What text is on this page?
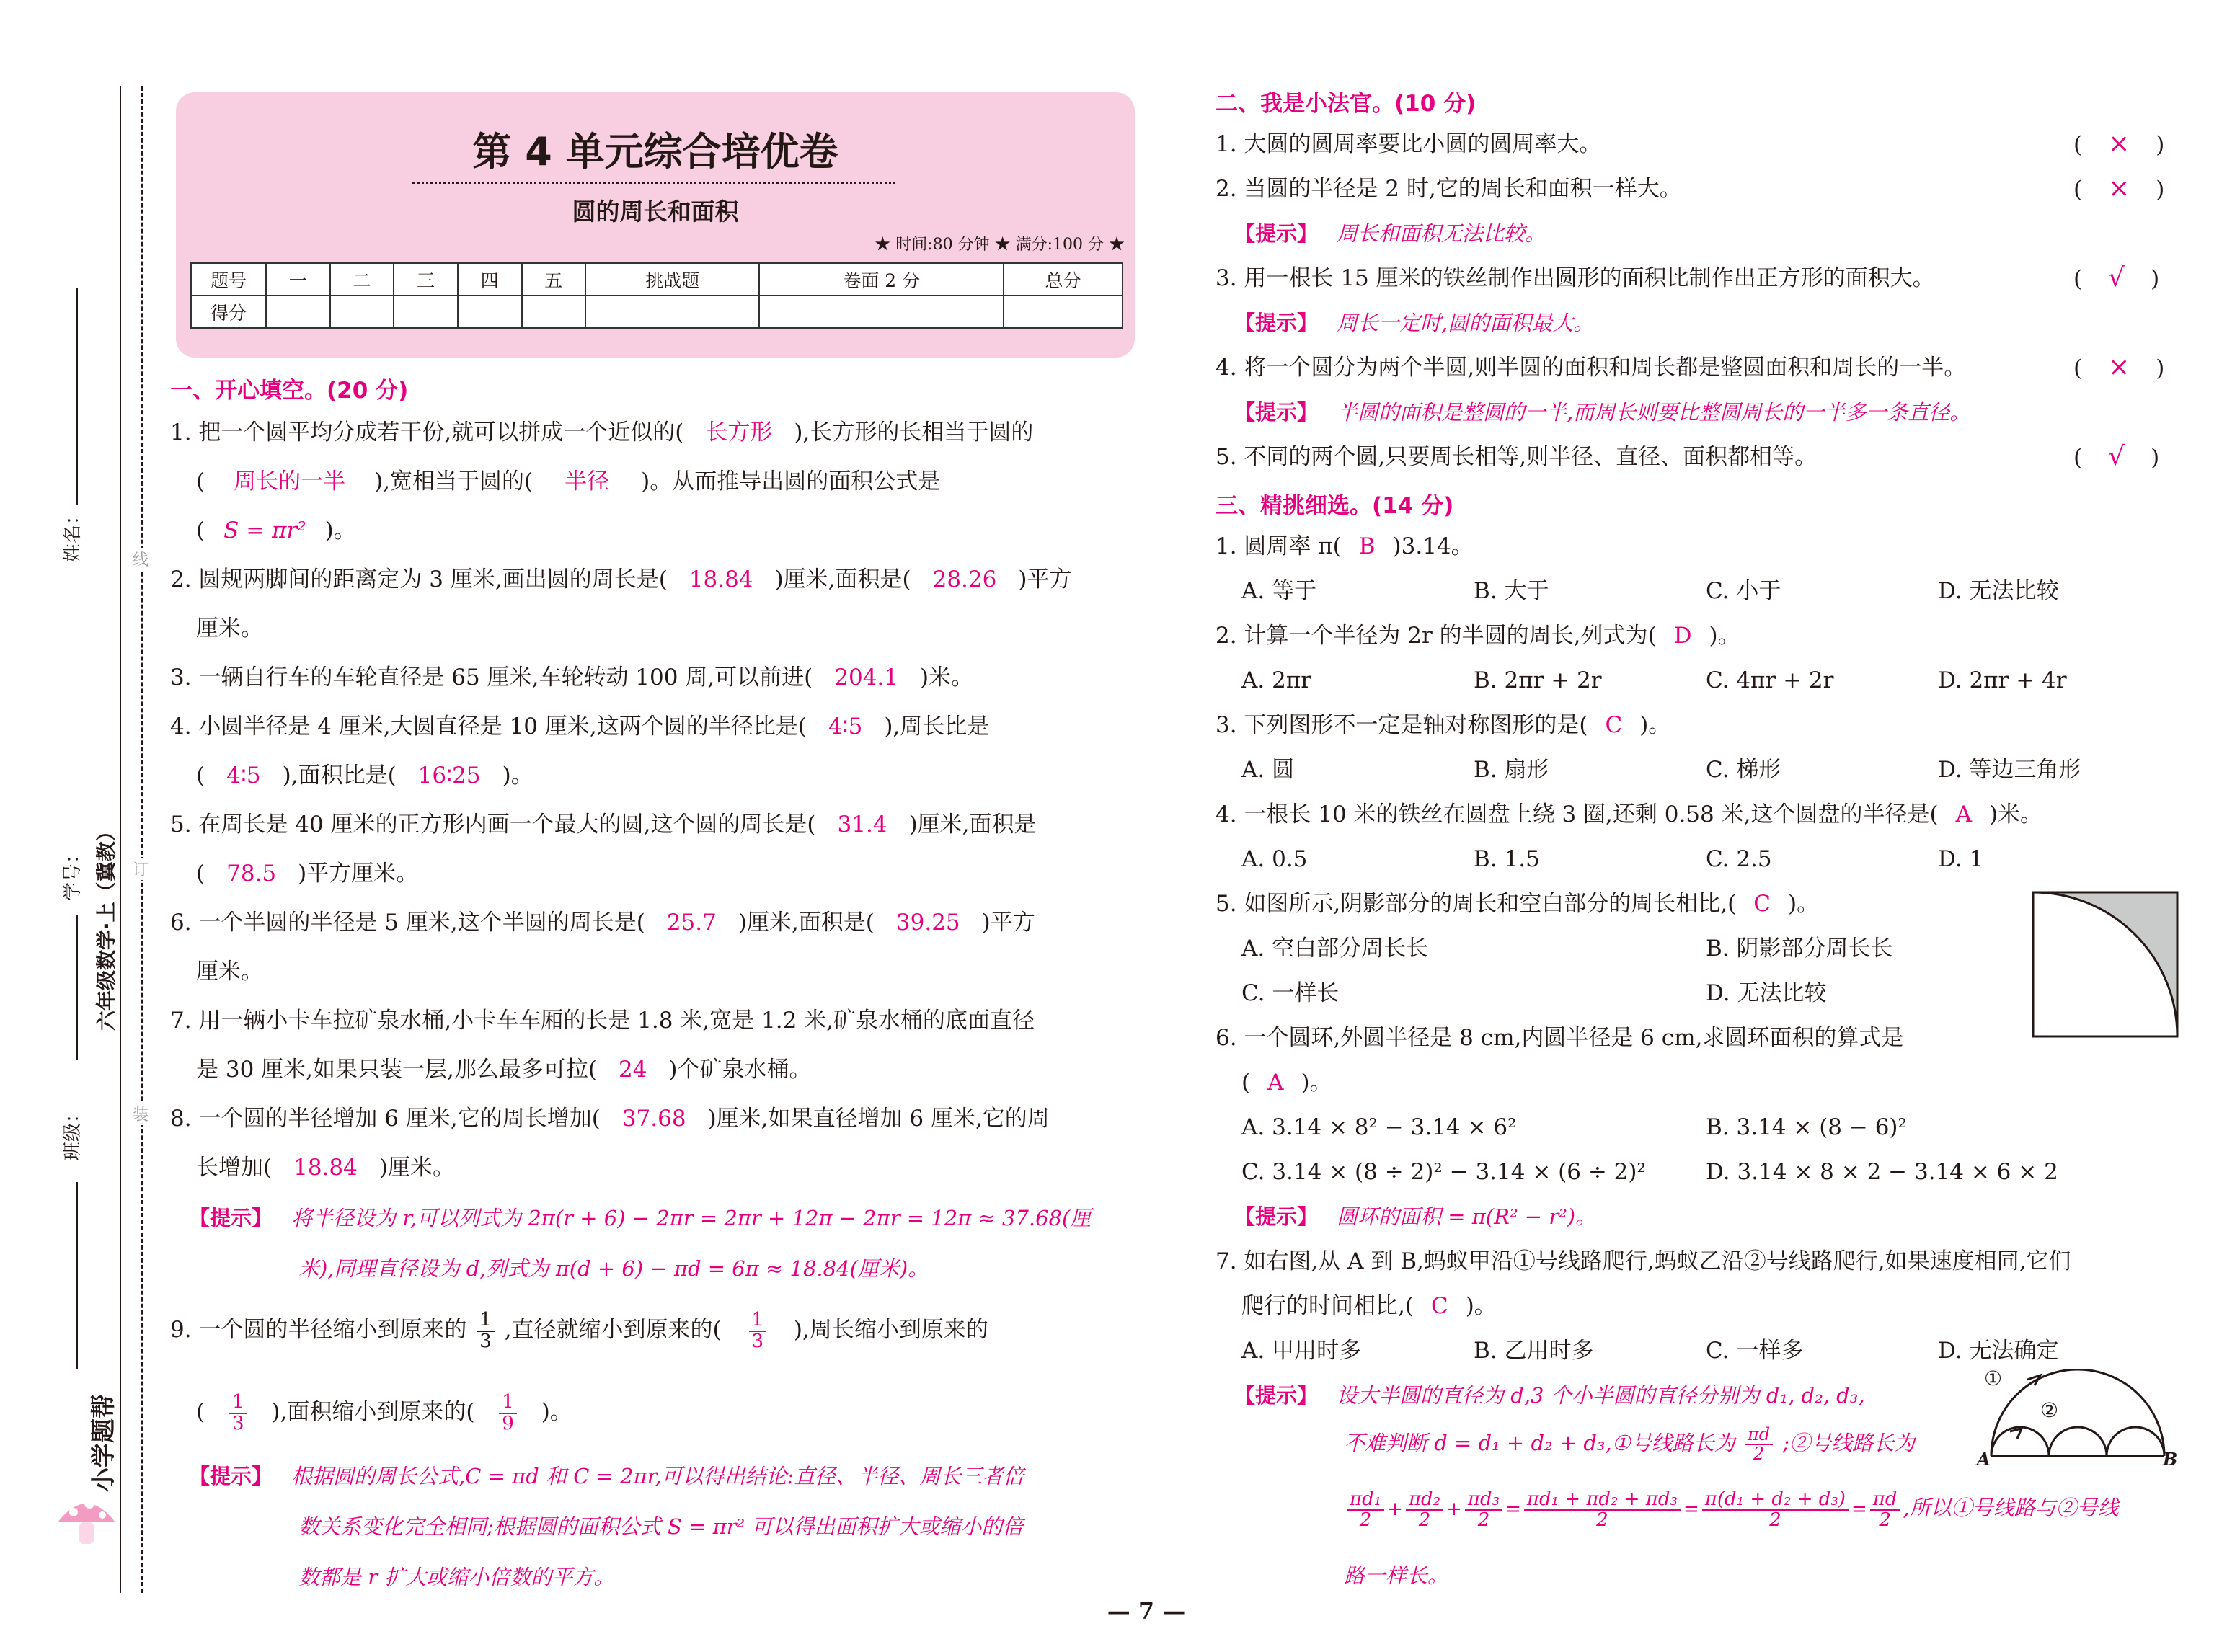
姓名：
学号： 六年级数学·上（冀教）
班级：
小学题帮
线
订
装
第 4 单元综合培优卷
圆的周长和面积
★ 时间:80 分钟 ★ 满分:100 分 ★
题号	一	二	三	四	五	挑战题	卷面 2 分	总分
得分								
一、开心填空。(20 分)
1. 把一个圆平均分成若干份,就可以拼成一个近似的( 长方形 ),长方形的长相当于圆的
( 周长的一半 ),宽相当于圆的( 半径 )。从而推导出圆的面积公式是
( S = πr² )。
2. 圆规两脚间的距离定为 3 厘米,画出圆的周长是( 18.84 )厘米,面积是( 28.26 )平方
厘米。
3. 一辆自行车的车轮直径是 65 厘米,车轮转动 100 周,可以前进( 204.1 )米。
4. 小圆半径是 4 厘米,大圆直径是 10 厘米,这两个圆的半径比是( 4∶5 ),周长比是
( 4∶5 ),面积比是( 16∶25 )。
5. 在周长是 40 厘米的正方形内画一个最大的圆,这个圆的周长是( 31.4 )厘米,面积是
( 78.5 )平方厘米。
6. 一个半圆的半径是 5 厘米,这个半圆的周长是( 25.7 )厘米,面积是( 39.25 )平方
厘米。
7. 用一辆小卡车拉矿泉水桶,小卡车车厢的长是 1.8 米,宽是 1.2 米,矿泉水桶的底面直径
是 30 厘米,如果只装一层,那么最多可拉( 24 )个矿泉水桶。
8. 一个圆的半径增加 6 厘米,它的周长增加( 37.68 )厘米,如果直径增加 6 厘米,它的周
长增加( 18.84 )厘米。
【提示】 将半径设为 r,可以列式为 2π(r + 6) − 2πr = 2πr + 12π − 2πr = 12π ≈ 37.68(厘
米),同理直径设为 d,列式为 π(d + 6) − πd = 6π ≈ 18.84(厘米)。
9. 一个圆的半径缩小到原来的 $\frac{1}{3}$ ,直径就缩小到原来的( $\frac{1}{3}$ ),周长缩小到原来的
( $\frac{1}{3}$ ),面积缩小到原来的( $\frac{1}{9}$ )。
【提示】 根据圆的周长公式,C = πd 和 C = 2πr,可以得出结论:直径、半径、周长三者倍
数关系变化完全相同;根据圆的面积公式 S = πr² 可以得出面积扩大或缩小的倍
数都是 r 扩大或缩小倍数的平方。
二、我是小法官。(10 分)
1. 大圆的圆周率要比小圆的圆周率大。	( × )
2. 当圆的半径是 2 时,它的周长和面积一样大。	( × )
【提示】 周长和面积无法比较。
3. 用一根长 15 厘米的铁丝制作出圆形的面积比制作出正方形的面积大。	( √ )
【提示】 周长一定时,圆的面积最大。
4. 将一个圆分为两个半圆,则半圆的面积和周长都是整圆面积和周长的一半。	( × )
【提示】 半圆的面积是整圆的一半,而周长则要比整圆周长的一半多一条直径。
5. 不同的两个圆,只要周长相等,则半径、直径、面积都相等。	( √ )
三、精挑细选。(14 分)
1. 圆周率 π( B )3.14。
A. 等于	B. 大于	C. 小于	D. 无法比较
2. 计算一个半径为 2r 的半圆的周长,列式为( D )。
A. 2πr	B. 2πr + 2r	C. 4πr + 2r	D. 2πr + 4r
3. 下列图形不一定是轴对称图形的是( C )。
A. 圆	B. 扇形	C. 梯形	D. 等边三角形
4. 一根长 10 米的铁丝在圆盘上绕 3 圈,还剩 0.58 米,这个圆盘的半径是( A )米。
A. 0.5	B. 1.5	C. 2.5	D. 1
5. 如图所示,阴影部分的周长和空白部分的周长相比,( C )。
A. 空白部分周长长	B. 阴影部分周长长
C. 一样长	D. 无法比较
6. 一个圆环,外圆半径是 8 cm,内圆半径是 6 cm,求圆环面积的算式是
( A )。
A. 3.14 × 8² − 3.14 × 6²	B. 3.14 × (8 − 6)²
C. 3.14 × (8 ÷ 2)² − 3.14 × (6 ÷ 2)²	D. 3.14 × 8 × 2 − 3.14 × 6 × 2
【提示】 圆环的面积 = π(R² − r²)。
7. 如右图,从 A 到 B,蚂蚁甲沿①号线路爬行,蚂蚁乙沿②号线路爬行,如果速度相同,它们
爬行的时间相比,( C )。
A. 甲用时多	B. 乙用时多	C. 一样多	D. 无法确定
【提示】 设大半圆的直径为 d,3 个小半圆的直径分别为 d₁, d₂, d₃,
不难判断 d = d₁ + d₂ + d₃,①号线路长为 $\frac{\pi d}{2}$ ;②号线路长为
$\frac{\text{πd₁}}{2} + \frac{\text{πd₂}}{2} + \frac{\text{πd₃}}{2} = \frac{\text{πd₁ + πd₂ + πd₃}}{2} = \frac{\text{π(d₁ + d₂ + d₃)}}{2} = \frac{\pi d}{2}$ ,所以①号线路与②号线
路一样长。
①
②
A	B
— 7 —
